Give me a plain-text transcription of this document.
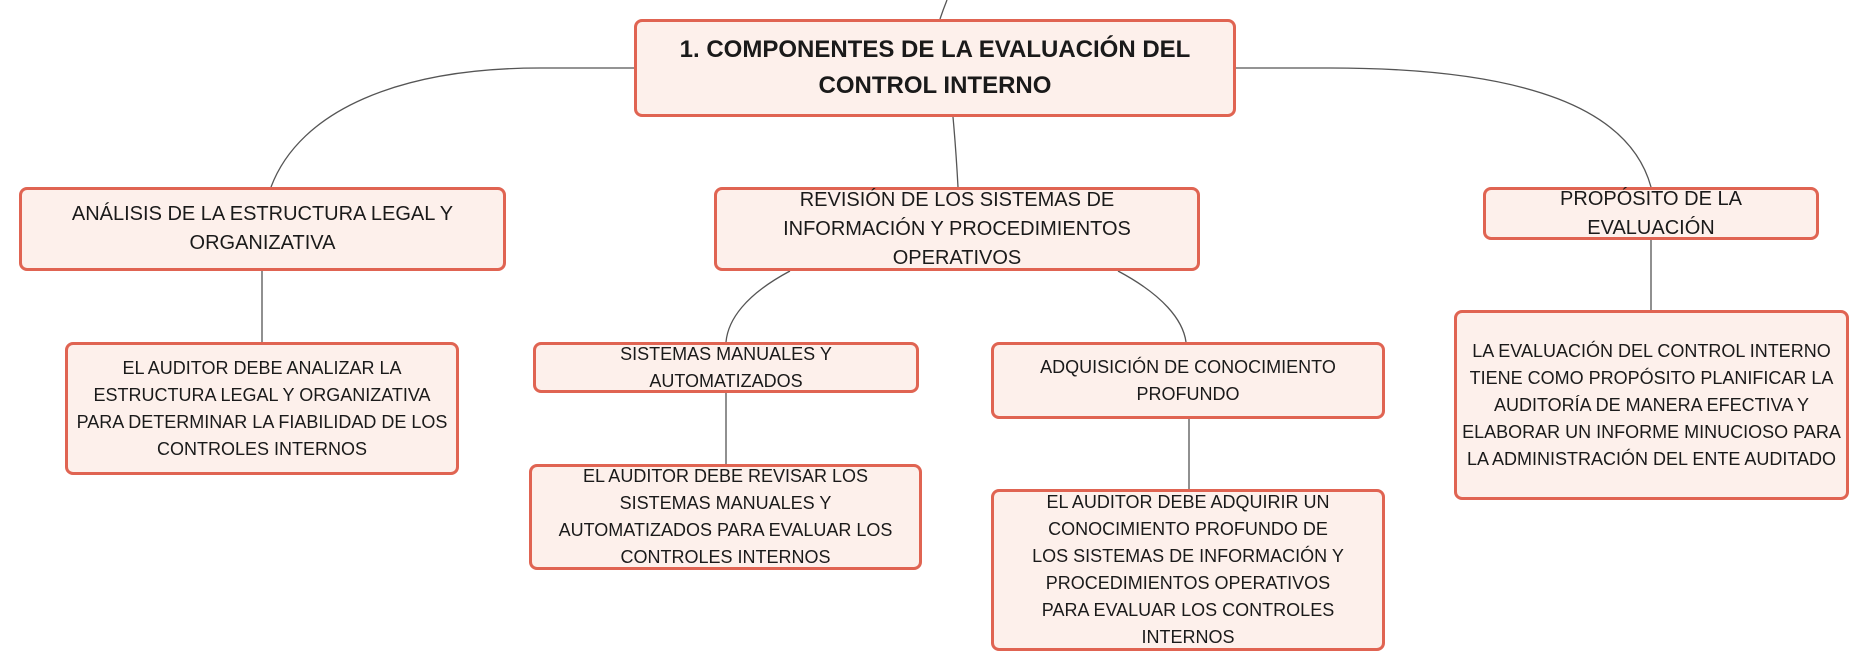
1. COMPONENTES DE LA EVALUACIÓN DEL CONTROL INTERNO
ANÁLISIS DE LA ESTRUCTURA LEGAL Y ORGANIZATIVA
REVISIÓN DE LOS SISTEMAS DE INFORMACIÓN Y PROCEDIMIENTOS OPERATIVOS
PROPÓSITO DE LA EVALUACIÓN
EL AUDITOR DEBE ANALIZAR LA ESTRUCTURA LEGAL Y ORGANIZATIVA PARA DETERMINAR LA FIABILIDAD DE LOS CONTROLES INTERNOS
SISTEMAS MANUALES Y AUTOMATIZADOS
ADQUISICIÓN DE CONOCIMIENTO PROFUNDO
EL AUDITOR DEBE REVISAR LOS SISTEMAS MANUALES Y AUTOMATIZADOS PARA EVALUAR LOS CONTROLES INTERNOS
EL AUDITOR DEBE ADQUIRIR UN CONOCIMIENTO PROFUNDO DE LOS SISTEMAS DE INFORMACIÓN Y PROCEDIMIENTOS OPERATIVOS PARA EVALUAR LOS CONTROLES INTERNOS
LA EVALUACIÓN DEL CONTROL INTERNO TIENE COMO PROPÓSITO PLANIFICAR LA AUDITORÍA DE MANERA EFECTIVA Y ELABORAR UN INFORME MINUCIOSO PARA LA ADMINISTRACIÓN DEL ENTE AUDITADO
